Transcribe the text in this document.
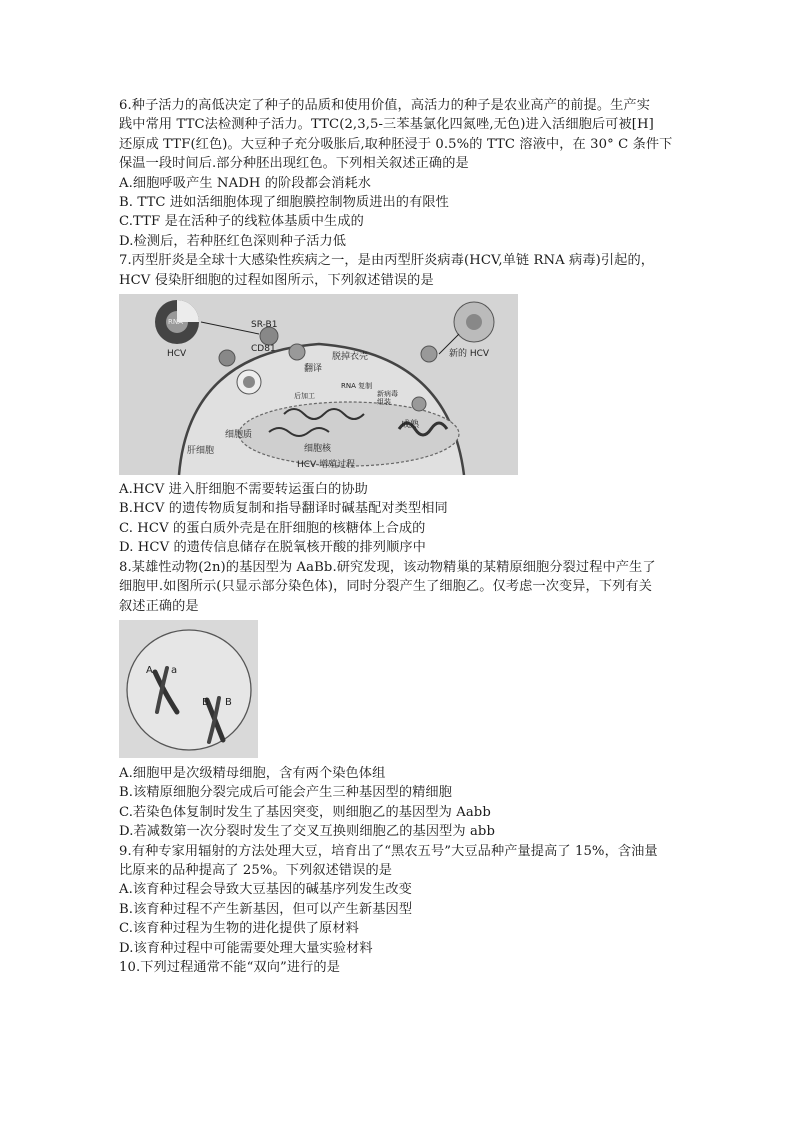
6.种子活力的高低决定了种子的品质和使用价值，高活力的种子是农业高产的前提。生产实
践中常用 TTC法检测种子活力。TTC(2,3,5-三苯基氯化四氮唑,无色)进入活细胞后可被[H]
还原成 TTF(红色)。大豆种子充分吸胀后,取种胚浸于 0.5%的 TTC 溶液中，在 30° C 条件下
保温一段时间后.部分种胚出现红色。下列相关叙述正确的是
A.细胞呼吸产生 NADH 的阶段都会消耗水
B. TTC 进如活细胞体现了细胞膜控制物质进出的有限性
C.TTF 是在活种子的线粒体基质中生成的
D.检测后，若种胚红色深则种子活力低
7.丙型肝炎是全球十大感染性疾病之一，是由丙型肝炎病毒(HCV,单链 RNA 病毒)引起的，
HCV 侵染肝细胞的过程如图所示，下列叙述错误的是
RNA
HCV
SR-B1
CD81
翻译
脱掉衣壳
RNA 复制
后加工	新病毒
组装
成熟
新的 HCV
细胞质
细胞核
肝细胞
HCV 增殖过程
A.HCV 进入肝细胞不需要转运蛋白的协助
B.HCV 的遗传物质复制和指导翻译时碱基配对类型相同
C. HCV 的蛋白质外壳是在肝细胞的核糖体上合成的
D. HCV 的遗传信息储存在脱氧核开酸的排列顺序中
8.某雄性动物(2n)的基因型为 AaBb.研究发现，该动物精巢的某精原细胞分裂过程中产生了
细胞甲.如图所示(只显示部分染色体)，同时分裂产生了细胞乙。仅考虑一次变异，下列有关
叙述正确的是
A a
B B
A.细胞甲是次级精母细胞，含有两个染色体组
B.该精原细胞分裂完成后可能会产生三种基因型的精细胞
C.若染色体复制时发生了基因突变，则细胞乙的基因型为 Aabb
D.若减数第一次分裂时发生了交叉互换则细胞乙的基因型为 abb
9.有种专家用辐射的方法处理大豆，培育出了“黑农五号”大豆品种产量提高了 15%，含油量
比原来的品种提高了 25%。下列叙述错误的是
A.该育种过程会导致大豆基因的碱基序列发生改变
B.该育种过程不产生新基因，但可以产生新基因型
C.该育种过程为生物的进化提供了原材料
D.该育种过程中可能需要处理大量实验材料
10.下列过程通常不能“双向”进行的是
